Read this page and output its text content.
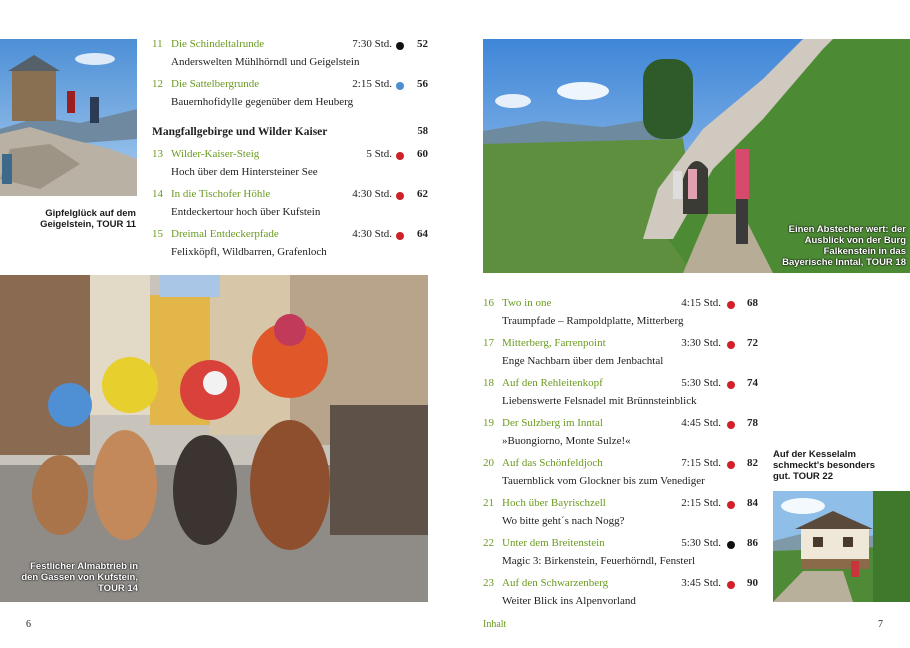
Gipfelglück auf dem Geigelstein, TOUR 11
Festlicher Almabtrieb in den Gassen von Kufstein, TOUR 14
11 Die Schindeltalrunde	7:30 Std.	52
Anderswelten Mühlhörndl und Geigelstein
12 Die Sattelbergrunde	2:15 Std.	56
Bauernhofidylle gegenüber dem Heuberg
Mangfallgebirge und Wilder Kaiser	58
13 Wilder-Kaiser-Steig	5 Std.	60
Hoch über dem Hintersteiner See
14 In die Tischofer Höhle	4:30 Std.	62
Entdeckertour hoch über Kufstein
15 Dreimal Entdeckerpfade	4:30 Std.	64
Felixköpfl, Wildbarren, Grafenloch
6
Einen Abstecher wert: der Ausblick von der Burg Falkenstein in das Bayerische Inntal, TOUR 18
16 Two in one	4:15 Std.	68
Traumpfade – Rampoldplatte, Mitterberg
17 Mitterberg, Farrenpoint	3:30 Std.	72
Enge Nachbarn über dem Jenbachtal
18 Auf den Rehleitenkopf	5:30 Std.	74
Liebenswerte Felsnadel mit Brünnsteinblick
19 Der Sulzberg im Inntal	4:45 Std.	78
»Buongiorno, Monte Sulze!«
20 Auf das Schönfeldjoch	7:15 Std.	82
Tauernblick vom Glockner bis zum Venediger
21 Hoch über Bayrischzell	2:15 Std.	84
Wo bitte geht´s nach Nogg?
22 Unter dem Breitenstein	5:30 Std.	86
Magic 3: Birkenstein, Feuerhörndl, Fensterl
23 Auf den Schwarzenberg	3:45 Std.	90
Weiter Blick ins Alpenvorland
Auf der Kesselalm schmeckt's besonders gut. TOUR 22
Inhalt	7
